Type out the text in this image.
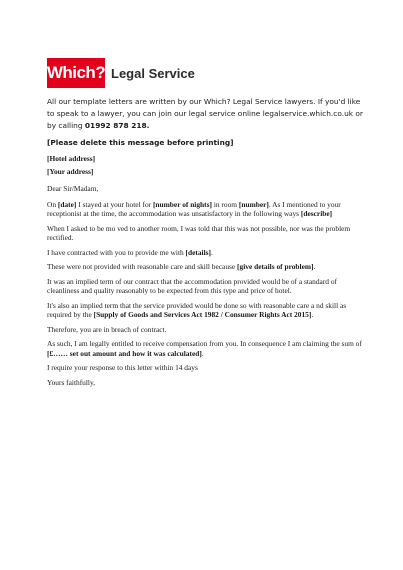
Which? Legal Service
All our template letters are written by our Which? Legal Service lawyers. If you'd like to speak to a lawyer, you can join our legal service online legalservice.which.co.uk or by calling 01992 878 218.
[Please delete this message before printing]

[Hotel address]

[Your address]

Dear Sir/Madam,

On [date] I stayed at your hotel for [number of nights] in room [number]. As I mentioned to your receptionist at the time, the accommodation was unsatisfactory in the following ways [describe]

When I asked to be mo ved to another room, I was told that this was not possible, nor was the problem rectified.

I have contracted with you to provide me with [details].

These were not provided with reasonable care and skill because [give details of problem].

It was an implied term of our contract that the accommodation provided would be of a standard of cleanliness and quality reasonably to be expected from this type and price of hotel.

It's also an implied term that the service provided would be done so with reasonable care a nd skill as required by the [Supply of Goods and Services Act 1982 / Consumer Rights Act 2015].

Therefore, you are in breach of contract.

As such, I am legally entitled to receive compensation from you. In consequence I am claiming the sum of [£…… set out amount and how it was calculated].

I require your response to this letter within 14 days

Yours faithfully,
